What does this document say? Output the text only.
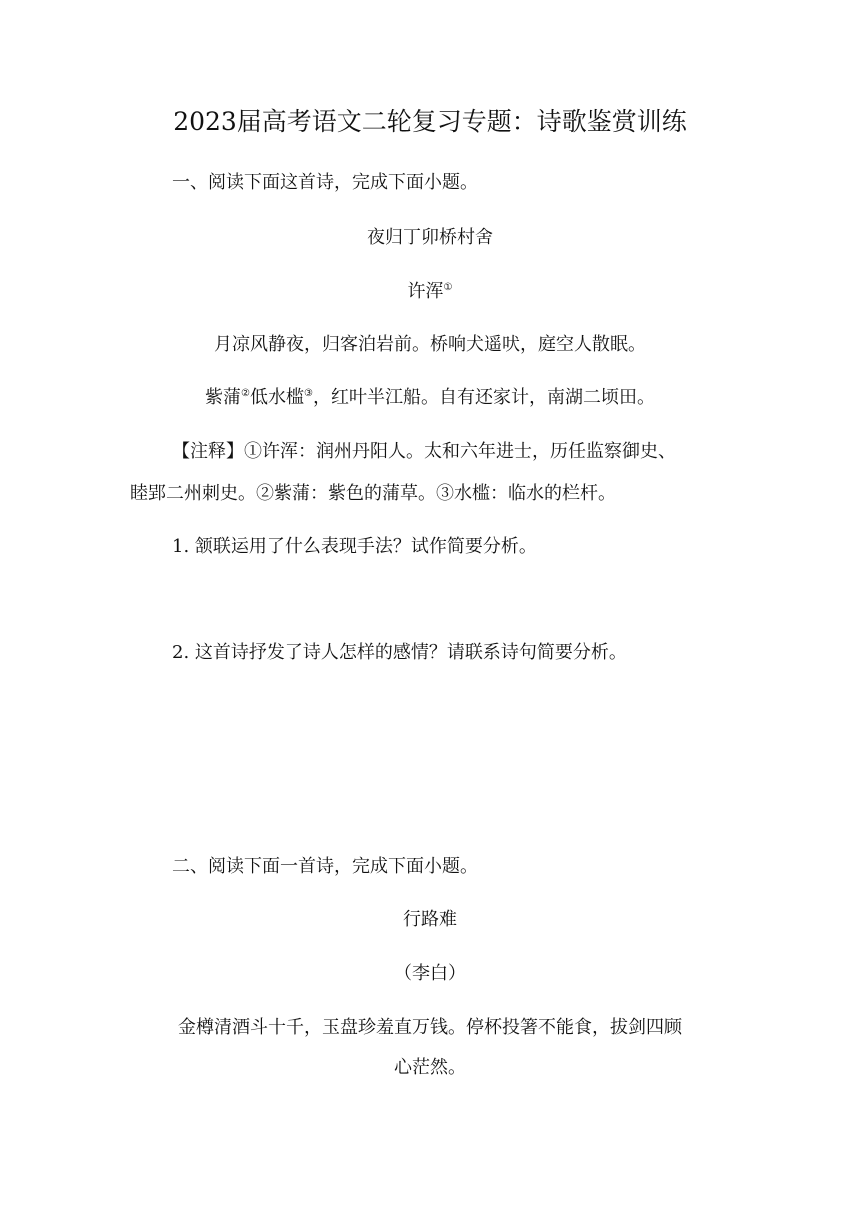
2023届高考语文二轮复习专题：诗歌鉴赏训练
一、阅读下面这首诗，完成下面小题。
夜归丁卯桥村舍
许浑①
月凉风静夜，归客泊岩前。桥响犬遥吠，庭空人散眠。
紫蒲②低水槛③，红叶半江船。自有还家计，南湖二顷田。
【注释】①许浑：润州丹阳人。太和六年进士，历任监察御史、
睦郢二州刺史。②紫蒲：紫色的蒲草。③水槛：临水的栏杆。
1. 颔联运用了什么表现手法？试作简要分析。
2. 这首诗抒发了诗人怎样的感情？请联系诗句简要分析。
二、阅读下面一首诗，完成下面小题。
行路难
（李白）
金樽清酒斗十千，玉盘珍羞直万钱。停杯投箸不能食，拔剑四顾
心茫然。
